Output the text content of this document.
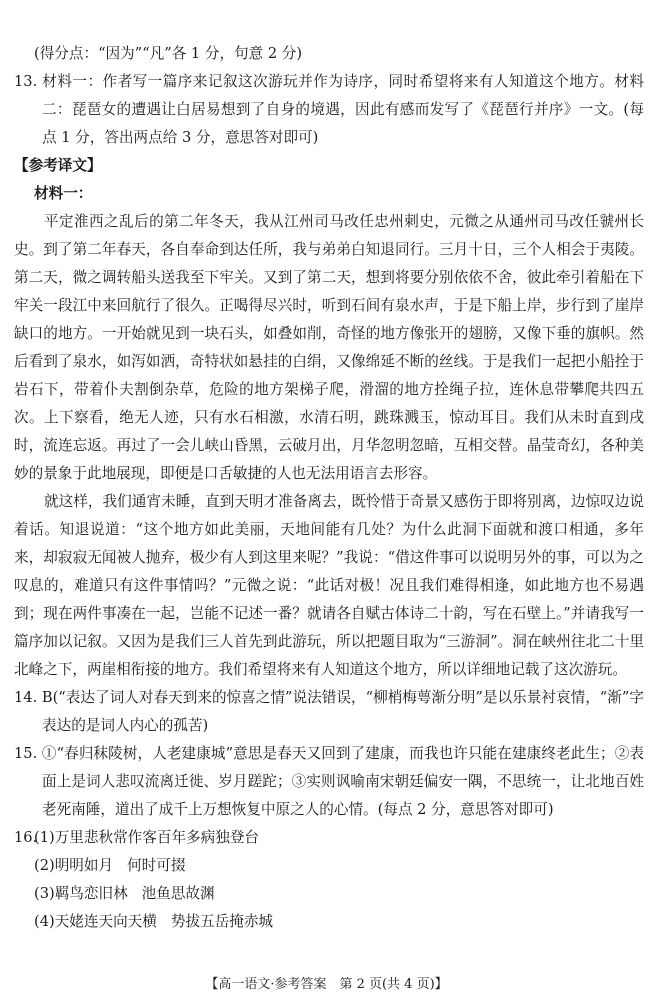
(得分点：“因为”“凡”各 1 分，句意 2 分)

13. 材料一：作者写一篇序来记叙这次游玩并作为诗序，同时希望将来有人知道这个地方。材料二：琵琶女的遭遇让白居易想到了自身的境遇，因此有感而发写了《琵琶行并序》一文。(每点 1 分，答出两点给 3 分，意思答对即可)

【参考译文】

材料一：

平定淮西之乱后的第二年冬天，我从江州司马改任忠州刺史，元微之从通州司马改任虢州长史。到了第二年春天，各自奉命到达任所，我与弟弟白知退同行。三月十日，三个人相会于夷陵。第二天，微之调转船头送我至下牢关。又到了第二天，想到将要分别依依不舍，彼此牵引着船在下牢关一段江中来回航行了很久。正喝得尽兴时，听到石间有泉水声，于是下船上岸，步行到了崖岸缺口的地方。一开始就见到一块石头，如叠如削，奇怪的地方像张开的翅膀，又像下垂的旗帜。然后看到了泉水，如泻如洒，奇特状如悬挂的白绢，又像绵延不断的丝线。于是我们一起把小船拴于岩石下，带着仆夫割倒杂草，危险的地方架梯子爬，滑溜的地方拴绳子拉，连休息带攀爬共四五次。上下察看，绝无人迹，只有水石相激，水清石明，跳珠溅玉，惊动耳目。我们从未时直到戌时，流连忘返。再过了一会儿峡山昏黑，云破月出，月华忽明忽暗，互相交替。晶莹奇幻，各种美妙的景象于此地展现，即便是口舌敏捷的人也无法用语言去形容。

就这样，我们通宵未睡，直到天明才准备离去，既怜惜于奇景又感伤于即将别离，边惊叹边说着话。知退说道：“这个地方如此美丽，天地间能有几处？为什么此洞下面就和渡口相通，多年来，却寂寂无闻被人抛弃，极少有人到这里来呢？”我说：“借这件事可以说明另外的事，可以为之叹息的，难道只有这件事情吗？”元微之说：“此话对极！况且我们难得相逢，如此地方也不易遇到；现在两件事凑在一起，岂能不记述一番？就请各自赋古体诗二十韵，写在石壁上。”并请我写一篇序加以记叙。又因为是我们三人首先到此游玩，所以把题目取为“三游洞”。洞在峡州往北二十里北峰之下，两崖相衔接的地方。我们希望将来有人知道这个地方，所以详细地记载了这次游玩。

14. B(“表达了词人对春天到来的惊喜之情”说法错误，“柳梢梅萼渐分明”是以乐景衬哀情，“渐”字表达的是词人内心的孤苦)

15. ①“春归秣陵树，人老建康城”意思是春天又回到了建康，而我也许只能在建康终老此生；②表面上是词人悲叹流离迁徙、岁月蹉跎；③实则讽喻南宋朝廷偏安一隅，不思统一，让北地百姓老死南陲，道出了成千上万想恢复中原之人的心情。(每点 2 分，意思答对即可)

16.(1)万里悲秋常作客百年多病独登台

(2)明明如月 何时可掇

(3)羁鸟恋旧林 池鱼思故渊

(4)天姥连天向天横 势拔五岳掩赤城

【高一语文·参考答案　第 2 页(共 4 页)】
